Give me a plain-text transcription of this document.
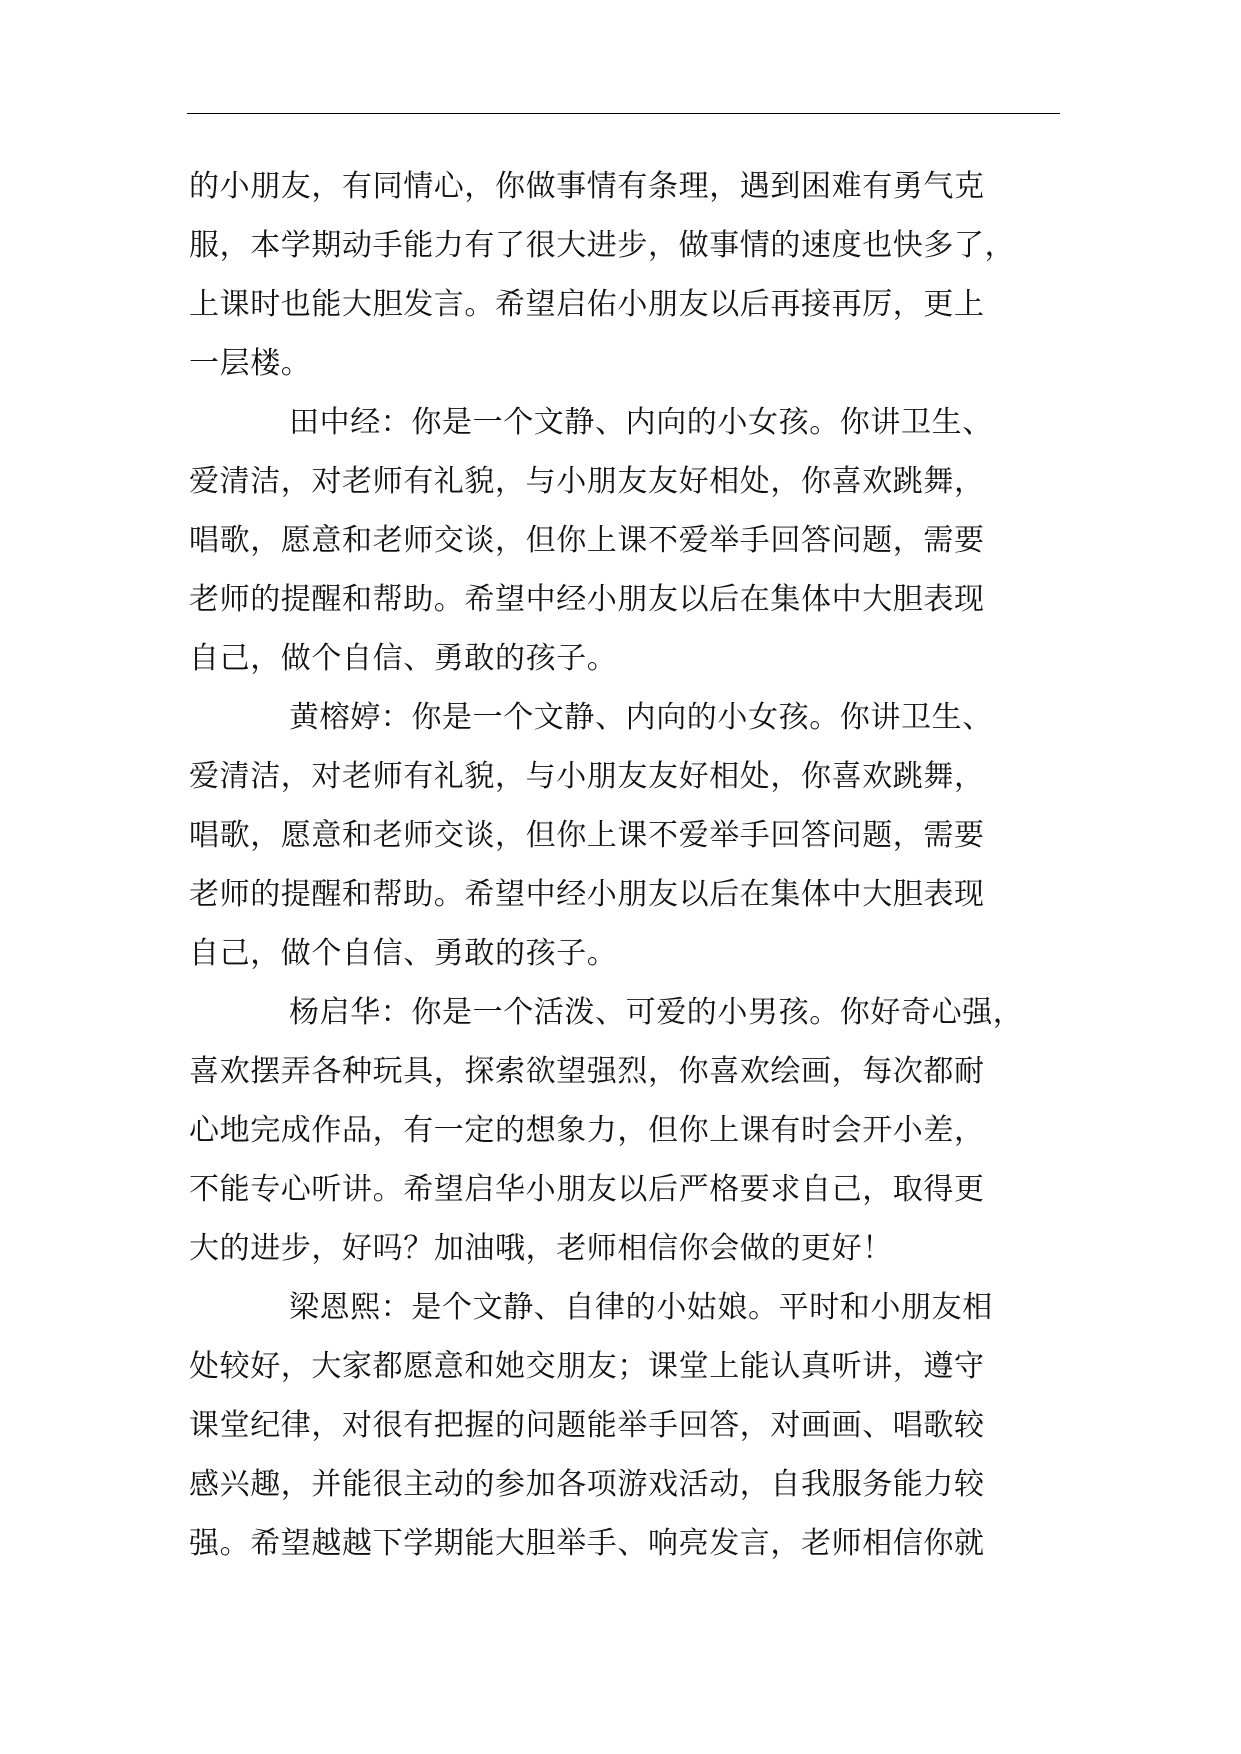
的小朋友，有同情心，你做事情有条理，遇到困难有勇气克
服，本学期动手能力有了很大进步，做事情的速度也快多了，
上课时也能大胆发言。希望启佑小朋友以后再接再厉，更上
一层楼。
田中经：你是一个文静、内向的小女孩。你讲卫生、
爱清洁，对老师有礼貌，与小朋友友好相处，你喜欢跳舞，
唱歌，愿意和老师交谈，但你上课不爱举手回答问题，需要
老师的提醒和帮助。希望中经小朋友以后在集体中大胆表现
自己，做个自信、勇敢的孩子。
黄榕婷：你是一个文静、内向的小女孩。你讲卫生、
爱清洁，对老师有礼貌，与小朋友友好相处，你喜欢跳舞，
唱歌，愿意和老师交谈，但你上课不爱举手回答问题，需要
老师的提醒和帮助。希望中经小朋友以后在集体中大胆表现
自己，做个自信、勇敢的孩子。
杨启华：你是一个活泼、可爱的小男孩。你好奇心强，
喜欢摆弄各种玩具，探索欲望强烈，你喜欢绘画，每次都耐
心地完成作品，有一定的想象力，但你上课有时会开小差，
不能专心听讲。希望启华小朋友以后严格要求自己，取得更
大的进步，好吗？加油哦，老师相信你会做的更好！
梁恩熙：是个文静、自律的小姑娘。平时和小朋友相
处较好，大家都愿意和她交朋友；课堂上能认真听讲，遵守
课堂纪律，对很有把握的问题能举手回答，对画画、唱歌较
感兴趣，并能很主动的参加各项游戏活动，自我服务能力较
强。希望越越下学期能大胆举手、响亮发言，老师相信你就
